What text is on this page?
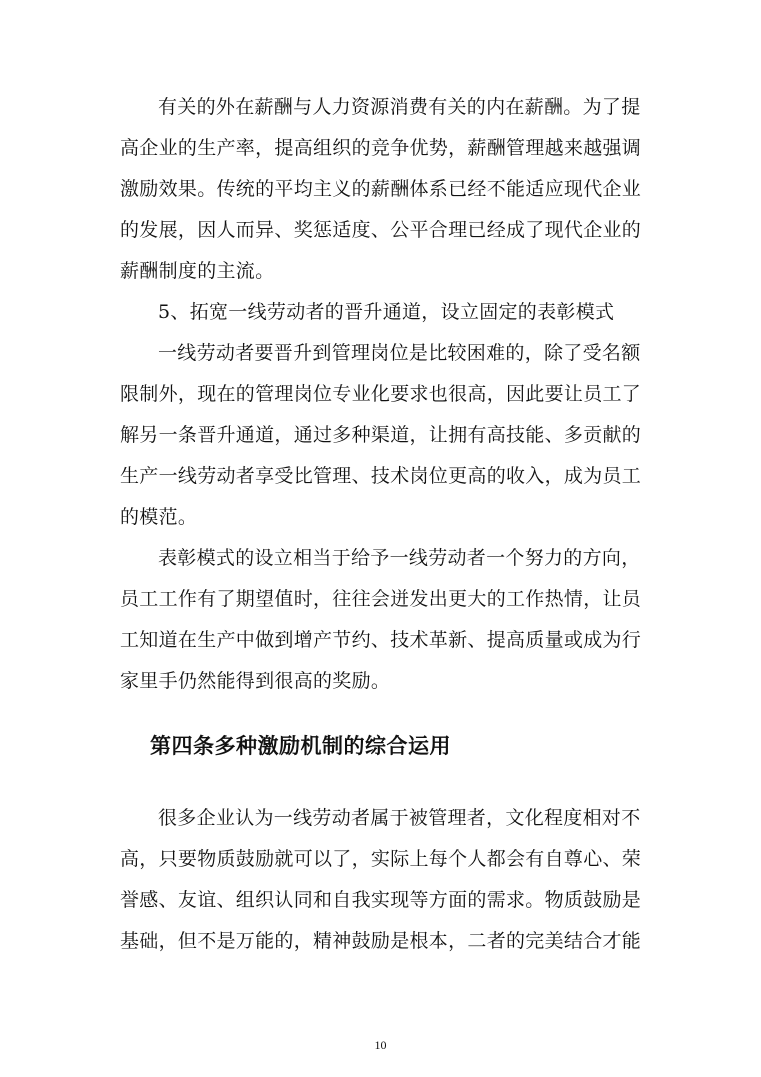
有关的外在薪酬与人力资源消费有关的内在薪酬。为了提
高企业的生产率，提高组织的竞争优势，薪酬管理越来越强调
激励效果。传统的平均主义的薪酬体系已经不能适应现代企业
的发展，因人而异、奖惩适度、公平合理已经成了现代企业的
薪酬制度的主流。

5、拓宽一线劳动者的晋升通道，设立固定的表彰模式

一线劳动者要晋升到管理岗位是比较困难的，除了受名额
限制外，现在的管理岗位专业化要求也很高，因此要让员工了
解另一条晋升通道，通过多种渠道，让拥有高技能、多贡献的
生产一线劳动者享受比管理、技术岗位更高的收入，成为员工
的模范。

表彰模式的设立相当于给予一线劳动者一个努力的方向，
员工工作有了期望值时，往往会迸发出更大的工作热情，让员
工知道在生产中做到增产节约、技术革新、提高质量或成为行
家里手仍然能得到很高的奖励。

第四条多种激励机制的综合运用

很多企业认为一线劳动者属于被管理者，文化程度相对不
高，只要物质鼓励就可以了，实际上每个人都会有自尊心、荣
誉感、友谊、组织认同和自我实现等方面的需求。物质鼓励是
基础，但不是万能的，精神鼓励是根本，二者的完美结合才能

10
